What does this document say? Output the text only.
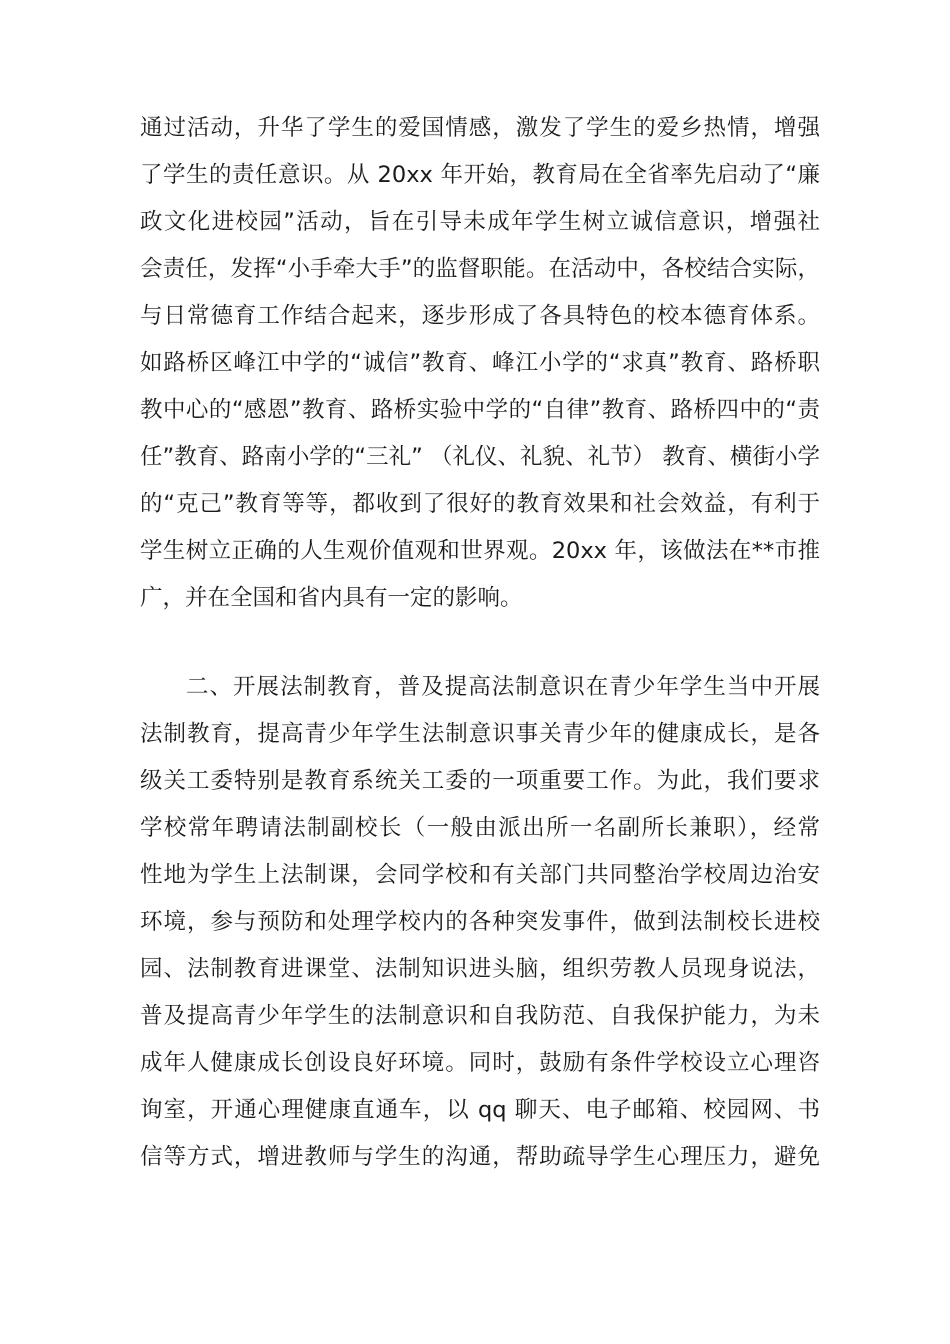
通过活动，升华了学生的爱国情感，激发了学生的爱乡热情，增强
了学生的责任意识。从 20xx 年开始，教育局在全省率先启动了“廉
政文化进校园”活动，旨在引导未成年学生树立诚信意识，增强社
会责任，发挥“小手牵大手”的监督职能。在活动中，各校结合实际，
与日常德育工作结合起来，逐步形成了各具特色的校本德育体系。
如路桥区峰江中学的“诚信”教育、峰江小学的“求真”教育、路桥职
教中心的“感恩”教育、路桥实验中学的“自律”教育、路桥四中的“责
任”教育、路南小学的“三礼” （礼仪、礼貌、礼节） 教育、横街小学
的“克己”教育等等，都收到了很好的教育效果和社会效益，有利于
学生树立正确的人生观价值观和世界观。20xx 年，该做法在**市推
广，并在全国和省内具有一定的影响。
二、开展法制教育，普及提高法制意识在青少年学生当中开展
法制教育，提高青少年学生法制意识事关青少年的健康成长，是各
级关工委特别是教育系统关工委的一项重要工作。为此，我们要求
学校常年聘请法制副校长（一般由派出所一名副所长兼职），经常
性地为学生上法制课，会同学校和有关部门共同整治学校周边治安
环境，参与预防和处理学校内的各种突发事件，做到法制校长进校
园、法制教育进课堂、法制知识进头脑，组织劳教人员现身说法，
普及提高青少年学生的法制意识和自我防范、自我保护能力，为未
成年人健康成长创设良好环境。同时，鼓励有条件学校设立心理咨
询室，开通心理健康直通车，以 qq 聊天、电子邮箱、校园网、书
信等方式，增进教师与学生的沟通，帮助疏导学生心理压力，避免
